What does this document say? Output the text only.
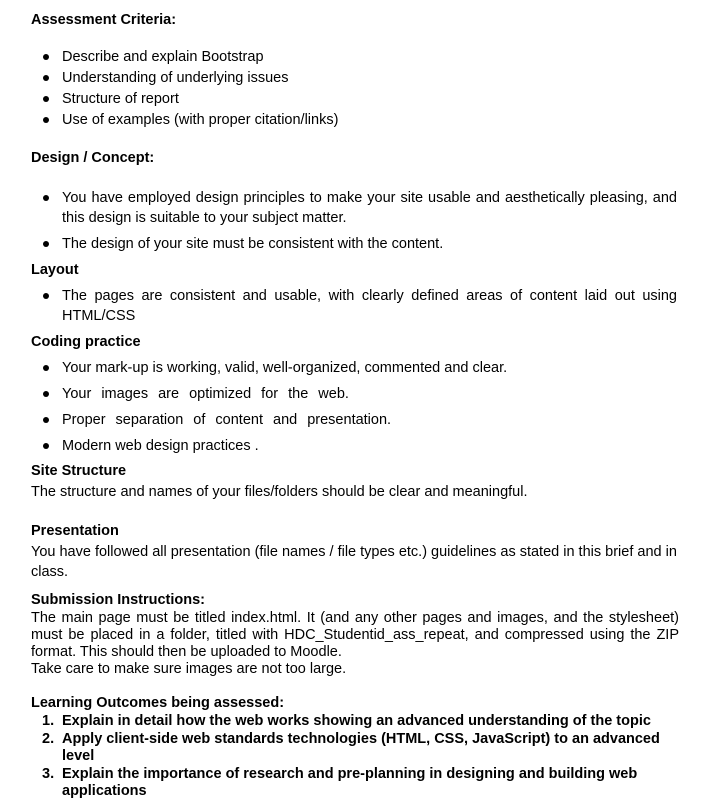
Assessment Criteria:
Describe and explain Bootstrap
Understanding of underlying issues
Structure of report
Use of examples (with proper citation/links)
Design / Concept:
You have employed design principles to make your site usable and aesthetically pleasing, and this design is suitable to your subject matter.
The design of your site must be consistent with the content.
Layout
The pages are consistent and usable, with clearly defined areas of content laid out using HTML/CSS
Coding practice
Your mark-up is working, valid, well-organized, commented and clear.
Your images are optimized for the web.
Proper separation of content and presentation.
Modern web design practices .
Site Structure
The structure and names of your files/folders should be clear and meaningful.
Presentation
You have followed all presentation (file names / file types etc.) guidelines as stated in this brief and in class.
Submission Instructions:
The main page must be titled index.html. It (and any other pages and images, and the stylesheet) must be placed in a folder, titled with HDC_Studentid_ass_repeat, and compressed using the ZIP format. This should then be uploaded to Moodle.
Take care to make sure images are not too large.
Learning Outcomes being assessed:
1. Explain in detail how the web works showing an advanced understanding of the topic
2. Apply client-side web standards technologies (HTML, CSS, JavaScript) to an advanced level
3. Explain the importance of research and pre-planning in designing and building web applications
